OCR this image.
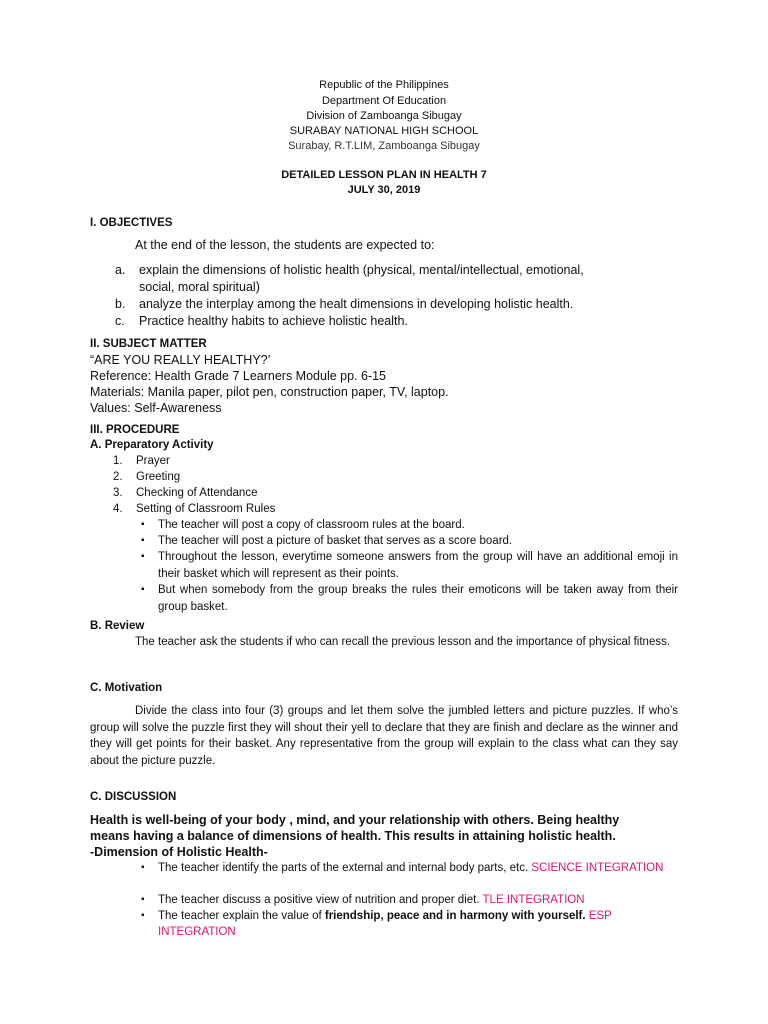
Republic of the Philippines
Department Of Education
Division of Zamboanga Sibugay
SURABAY NATIONAL HIGH SCHOOL
Surabay, R.T.LIM, Zamboanga Sibugay
DETAILED LESSON PLAN IN HEALTH 7
JULY 30, 2019
I. OBJECTIVES
At the end of the lesson, the students are expected to:
a. explain the dimensions of holistic health (physical, mental/intellectual, emotional,
social, moral spiritual)
b. analyze the interplay among the healt dimensions in developing holistic health.
c. Practice healthy habits to achieve holistic health.
II. SUBJECT MATTER
“ARE YOU REALLY HEALTHY?’
Reference: Health Grade 7 Learners Module pp. 6-15
Materials: Manila paper, pilot pen, construction paper, TV, laptop.
Values: Self-Awareness
III. PROCEDURE
A. Preparatory Activity
1. Prayer
2. Greeting
3. Checking of Attendance
4. Setting of Classroom Rules
▪ The teacher will post a copy of classroom rules at the board.
▪ The teacher will post a picture of basket that serves as a score board.
▪ Throughout the lesson, everytime someone answers from the group will have an additional emoji in their basket which will represent as their points.
▪ But when somebody from the group breaks the rules their emoticons will be taken away from their group basket.
B. Review
The teacher ask the students if who can recall the previous lesson and the importance of physical fitness.
C. Motivation
Divide the class into four (3) groups and let them solve the jumbled letters and picture puzzles. If who’s group will solve the puzzle first they will shout their yell to declare that they are finish and declare as the winner and they will get points for their basket. Any representative from the group will explain to the class what can they say about the picture puzzle.
C. DISCUSSION
Health is well-being of your body , mind, and your relationship with others. Being healthy
means having a balance of dimensions of health. This results in attaining holistic health.
-Dimension of Holistic Health-
▪ The teacher identify the parts of the external and internal body parts, etc. SCIENCE INTEGRATION
▪ The teacher discuss a positive view of nutrition and proper diet. TLE INTEGRATION
▪ The teacher explain the value of friendship, peace and in harmony with yourself. ESP INTEGRATION
